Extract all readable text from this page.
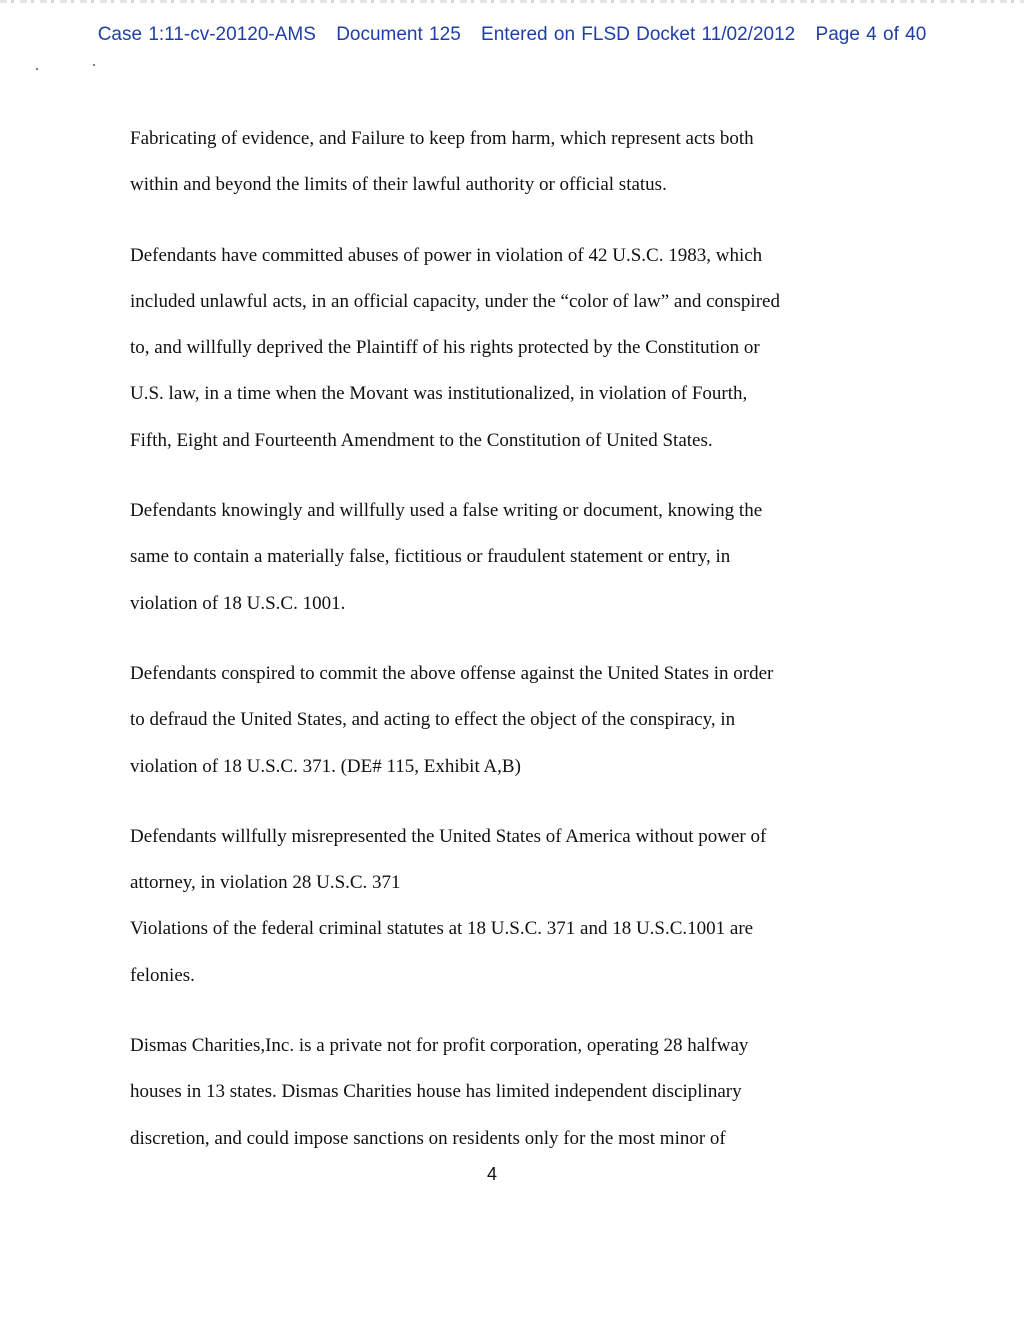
Case 1:11-cv-20120-AMS Document 125 Entered on FLSD Docket 11/02/2012 Page 4 of 40
Fabricating of evidence, and Failure to keep from harm, which represent acts both
within and beyond the limits of their lawful authority or official status.
Defendants have committed abuses of power in violation of 42 U.S.C. 1983, which
included unlawful acts, in an official capacity, under the “color of law” and conspired
to, and willfully deprived the Plaintiff of his rights protected by the Constitution or
U.S. law, in a time when the Movant was institutionalized, in violation of Fourth,
Fifth, Eight and Fourteenth Amendment to the Constitution of United States.
Defendants knowingly and willfully used a false writing or document, knowing the
same to contain a materially false, fictitious or fraudulent statement or entry, in
violation of 18 U.S.C. 1001.
Defendants conspired to commit the above offense against the United States in order
to defraud the United States, and acting to effect the object of the conspiracy, in
violation of 18 U.S.C. 371. (DE# 115, Exhibit A,B)
Defendants willfully misrepresented the United States of America without power of
attorney, in violation 28 U.S.C. 371
Violations of the federal criminal statutes at 18 U.S.C. 371 and 18 U.S.C.1001 are
felonies.
Dismas Charities,Inc. is a private not for profit corporation, operating 28 halfway
houses in 13 states. Dismas Charities house has limited independent disciplinary
discretion, and could impose sanctions on residents only for the most minor of
4
